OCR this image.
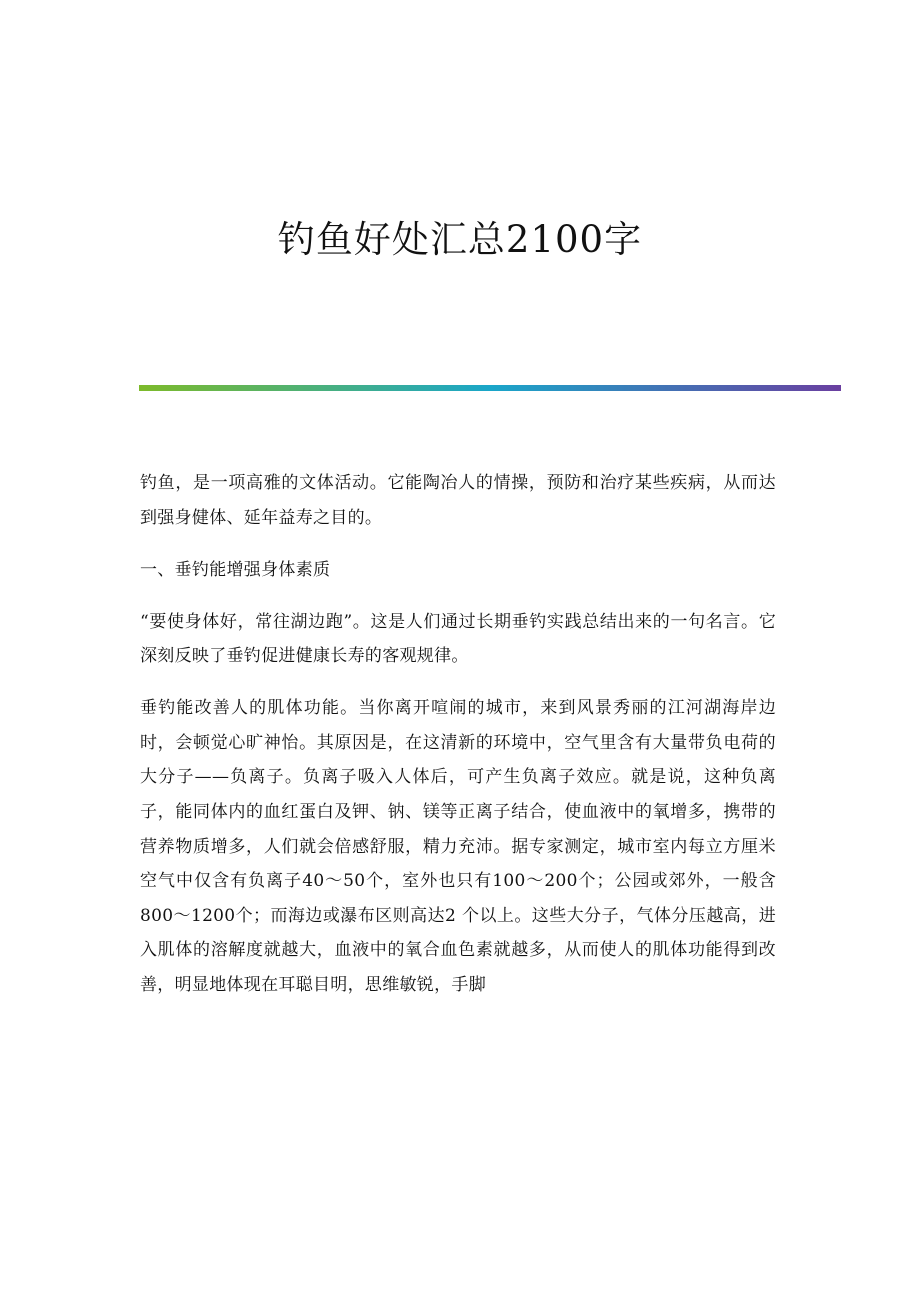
钓鱼好处汇总2100字

钓鱼，是一项高雅的文体活动。它能陶冶人的情操，预防和治疗某些疾病，从而达到强身健体、延年益寿之目的。

一、垂钓能增强身体素质

“要使身体好，常往湖边跑”。这是人们通过长期垂钓实践总结出来的一句名言。它深刻反映了垂钓促进健康长寿的客观规律。

垂钓能改善人的肌体功能。当你离开喧闹的城市，来到风景秀丽的江河湖海岸边时，会顿觉心旷神怡。其原因是，在这清新的环境中，空气里含有大量带负电荷的大分子——负离子。负离子吸入人体后，可产生负离子效应。就是说，这种负离子，能同体内的血红蛋白及钾、钠、镁等正离子结合，使血液中的氧增多，携带的营养物质增多，人们就会倍感舒服，精力充沛。据专家测定，城市室内每立方厘米空气中仅含有负离子40～50个，室外也只有100～200个；公园或郊外，一般含800～1200个；而海边或瀑布区则高达2 个以上。这些大分子，气体分压越高，进入肌体的溶解度就越大，血液中的氧合血色素就越多，从而使人的肌体功能得到改善，明显地体现在耳聪目明，思维敏锐，手脚
